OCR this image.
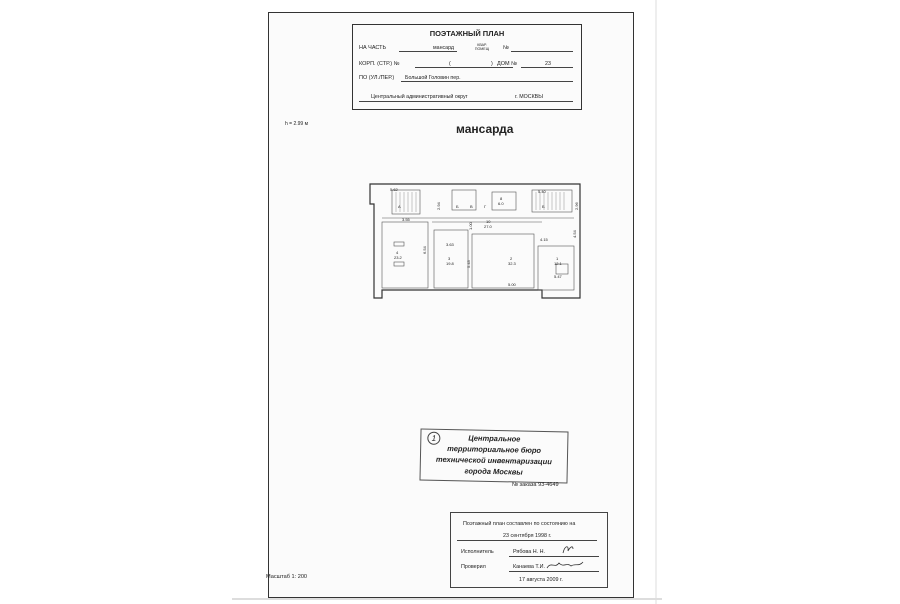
ПОЭТАЖНЫЙ ПЛАН
НА ЧАСТЬ	мансард	КВАР.
ПОМЕЩ	№
КОРП. (СТР.) №	(	) ДОМ №	23
ПО (УЛ./ПЕР.) Большой Головин пер.
Центральный административный округ	г. МОСКВЫ
h = 2.99 м	мансарда
4
23.2	3
19.8
2
32.3
1
12.1
10
27.0
8
6.0
5.62
3.55
3.63
5.43
5.00
4.15
5.47
6.54
1.00
5.40
2.96
2.94
4.54
А	Б	В	Г	Б
1	Центральное
территориальное бюро
технической инвентаризации
города Москвы
№ заказа 93-4649
Поэтажный план составлен по состоянию на
23 сентября 1998 г.
Исполнитель	Рябова Н. Н.
Проверил	Канаева Т.И.
17 августа 2009 г.
Масштаб 1: 200
